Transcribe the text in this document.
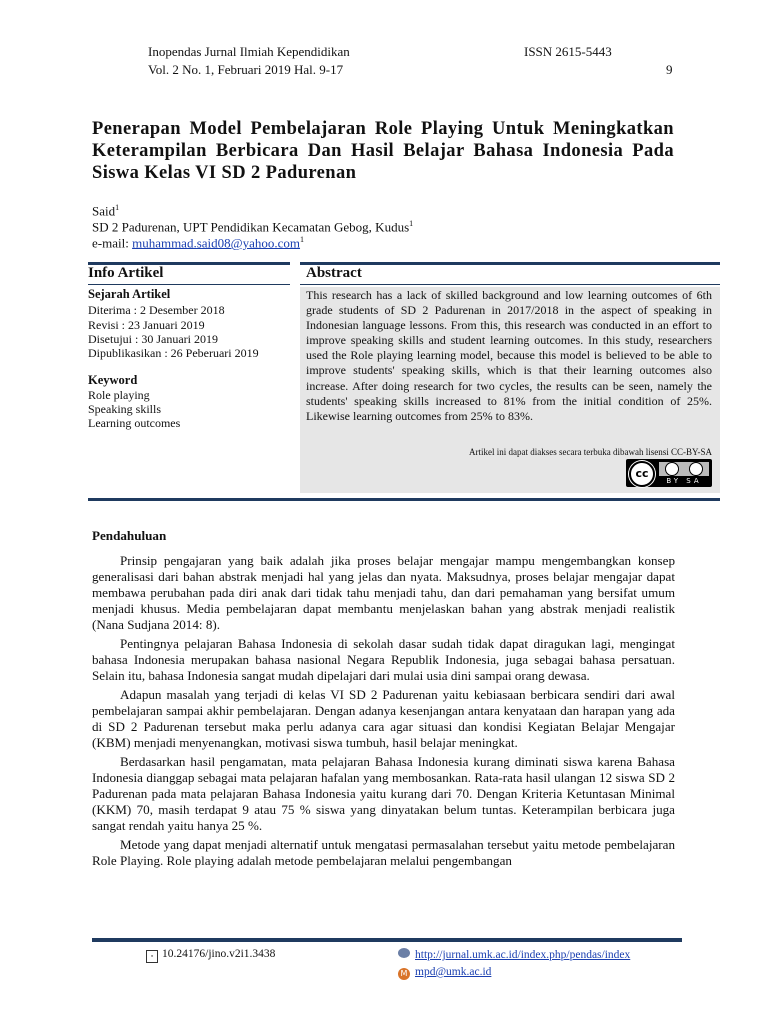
Inopendas Jurnal Ilmiah Kependidikan	ISSN 2615-5443
Vol. 2 No. 1, Februari 2019 Hal. 9-17	9
Penerapan Model Pembelajaran Role Playing Untuk Meningkatkan Keterampilan Berbicara Dan Hasil Belajar Bahasa Indonesia Pada Siswa Kelas VI SD 2 Padurenan
Said$^1$
SD 2 Padurenan, UPT Pendidikan Kecamatan Gebog, Kudus$^1$
e-mail: muhammad.said08@yahoo.com$^1$
Info Artikel	Abstract
Sejarah Artikel
Diterima : 2 Desember 2018
Revisi : 23 Januari 2019
Disetujui : 30 Januari 2019
Dipublikasikan : 26 Peberuari 2019
Keyword
Role playing
Speaking skills
Learning outcomes
This research has a lack of skilled background and low learning outcomes of 6th grade students of SD 2 Padurenan in 2017/2018 in the aspect of speaking in Indonesian language lessons. From this, this research was conducted in an effort to improve speaking skills and student learning outcomes. In this study, researchers used the Role playing learning model, because this model is believed to be able to improve students' speaking skills, which is that their learning outcomes also increase. After doing research for two cycles, the results can be seen, namely the students' speaking skills increased to 81% from the initial condition of 25%. Likewise learning outcomes from 25% to 83%.
Artikel ini dapat diakses secara terbuka dibawah lisensi CC-BY-SA
cc
BY SA
Pendahuluan

Prinsip pengajaran yang baik adalah jika proses belajar mengajar mampu mengembangkan konsep generalisasi dari bahan abstrak menjadi hal yang jelas dan nyata. Maksudnya, proses belajar mengajar dapat membawa perubahan pada diri anak dari tidak tahu menjadi tahu, dan dari pemahaman yang bersifat umum menjadi khusus. Media pembelajaran dapat membantu menjelaskan bahan yang abstrak menjadi realistik (Nana Sudjana 2014: 8).

Pentingnya pelajaran Bahasa Indonesia di sekolah dasar sudah tidak dapat diragukan lagi, mengingat bahasa Indonesia merupakan bahasa nasional Negara Republik Indonesia, juga sebagai bahasa persatuan. Selain itu, bahasa Indonesia sangat mudah dipelajari dari mulai usia dini sampai orang dewasa.

Adapun masalah yang terjadi di kelas VI SD 2 Padurenan yaitu kebiasaan berbicara sendiri dari awal pembelajaran sampai akhir pembelajaran. Dengan adanya kesenjangan antara kenyataan dan harapan yang ada di SD 2 Padurenan tersebut maka perlu adanya cara agar situasi dan kondisi Kegiatan Belajar Mengajar (KBM) menjadi menyenangkan, motivasi siswa tumbuh, hasil belajar meningkat.

Berdasarkan hasil pengamatan, mata pelajaran Bahasa Indonesia kurang diminati siswa karena Bahasa Indonesia dianggap sebagai mata pelajaran hafalan yang membosankan. Rata-rata hasil ulangan 12 siswa SD 2 Padurenan pada mata pelajaran Bahasa Indonesia yaitu kurang dari 70. Dengan Kriteria Ketuntasan Minimal (KKM) 70, masih terdapat 9 atau 75 % siswa yang dinyatakan belum tuntas. Keterampilan berbicara juga sangat rendah yaitu hanya 25 %.

Metode yang dapat menjadi alternatif untuk mengatasi permasalahan tersebut yaitu metode pembelajaran Role Playing. Role playing adalah metode pembelajaran melalui pengembangan

▫ 10.24176/jino.v2i1.3438	http://jurnal.umk.ac.id/index.php/pendas/index
M mpd@umk.ac.id
